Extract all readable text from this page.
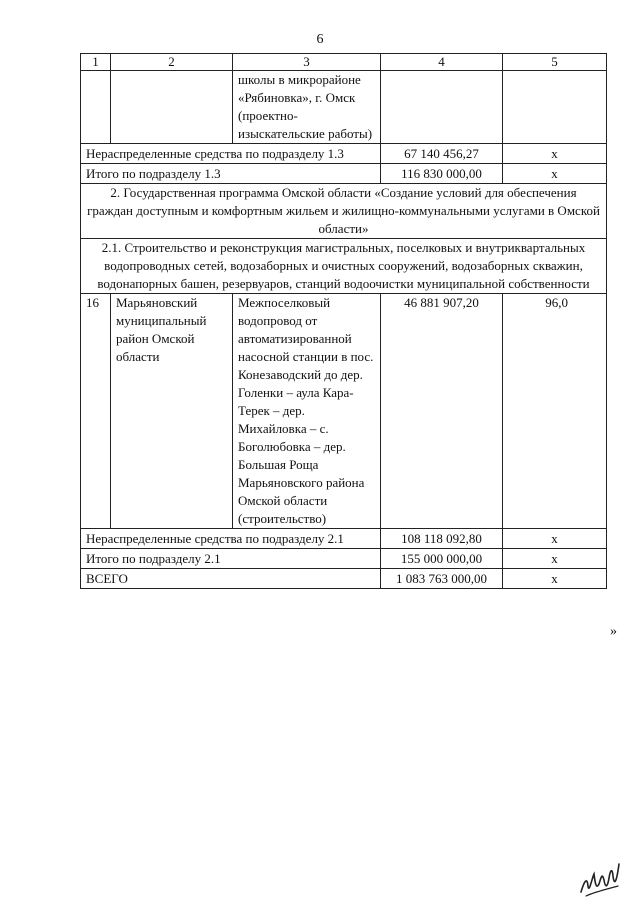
6
1	2	3	4	5
		школы в микрорайоне «Рябиновка», г. Омск (проектно-изыскательские работы)		
Нераспределенные средства по подразделу 1.3			67 140 456,27	х
Итого по подразделу 1.3			116 830 000,00	х
2. Государственная программа Омской области «Создание условий для обеспечения граждан доступным и комфортным жильем и жилищно-коммунальными услугами в Омской области»				
2.1. Строительство и реконструкция магистральных, поселковых и внутриквартальных водопроводных сетей, водозаборных и очистных сооружений, водозаборных скважин, водонапорных башен, резервуаров, станций водоочистки муниципальной собственности				
16	Марьяновский муниципальный район Омской области	Межпоселковый водопровод от автоматизированной насосной станции в пос. Конезаводский до дер. Голенки – аула Кара-Терек – дер. Михайловка – с. Боголюбовка – дер. Большая Роща Марьяновского района Омской области (строительство)	46 881 907,20	96,0
Нераспределенные средства по подразделу 2.1			108 118 092,80	х
Итого по подразделу 2.1			155 000 000,00	х
ВСЕГО			1 083 763 000,00	х
»
